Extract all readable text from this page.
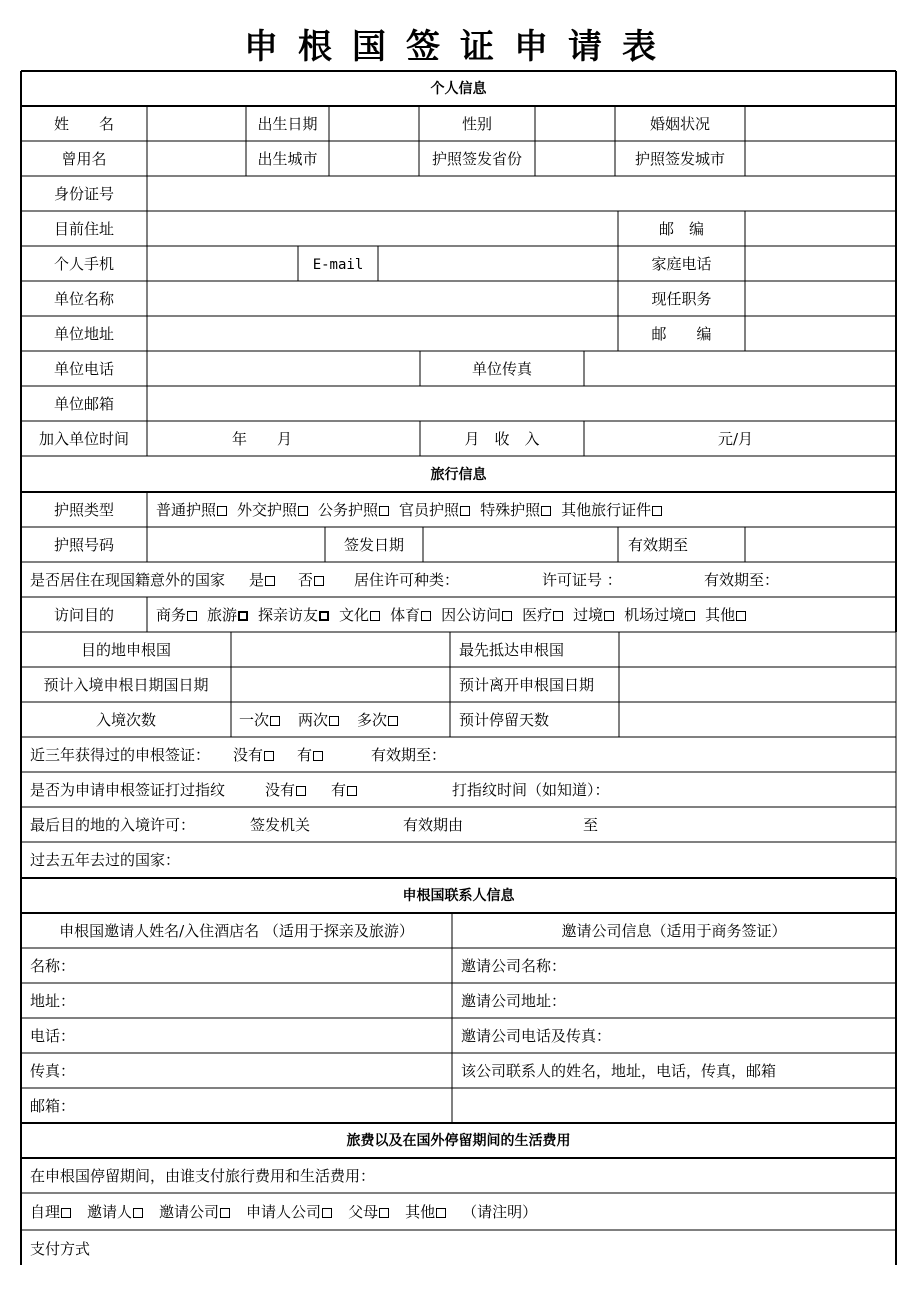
申根国签证申请表
个人信息
姓　　名	出生日期	性别	婚姻状况
曾用名	出生城市	护照签发省份	护照签发城市
身份证号
目前住址	邮　编
个人手机	E-mail	家庭电话
单位名称	现任职务
单位地址	邮　　编
单位电话	单位传真
单位邮箱
加入单位时间	年　　月	月　收　入	元/月
旅行信息
护照类型	普通护照 外交护照 公务护照 官员护照 特殊护照 其他旅行证件
护照号码	签发日期	有效期至
是否居住在现国籍意外的国家 是	否	居住许可种类：	许可证号 ：	有效期至：
访问目的	商务 旅游 探亲访友 文化 体育 因公访问 医疗 过境 机场过境 其他
目的地申根国	最先抵达申根国
预计入境申根日期国日期	预计离开申根国日期
入境次数	一次 两次 多次	预计停留天数
近三年获得过的申根签证： 没有	有	有效期至：
是否为申请申根签证打过指纹	没有	有	打指纹时间（如知道）：
最后目的地的入境许可：	签发机关	有效期由	至
过去五年去过的国家：
申根国联系人信息
申根国邀请人姓名/入住酒店名 （适用于探亲及旅游）	邀请公司信息（适用于商务签证）
名称：	邀请公司名称：
地址：	邀请公司地址：
电话：	邀请公司电话及传真：
传真：	该公司联系人的姓名，地址，电话，传真，邮箱
邮箱：
旅费以及在国外停留期间的生活费用
在申根国停留期间，由谁支付旅行费用和生活费用：
自理 邀请人 邀请公司 申请人公司 父母 其他 （请注明）
支付方式
